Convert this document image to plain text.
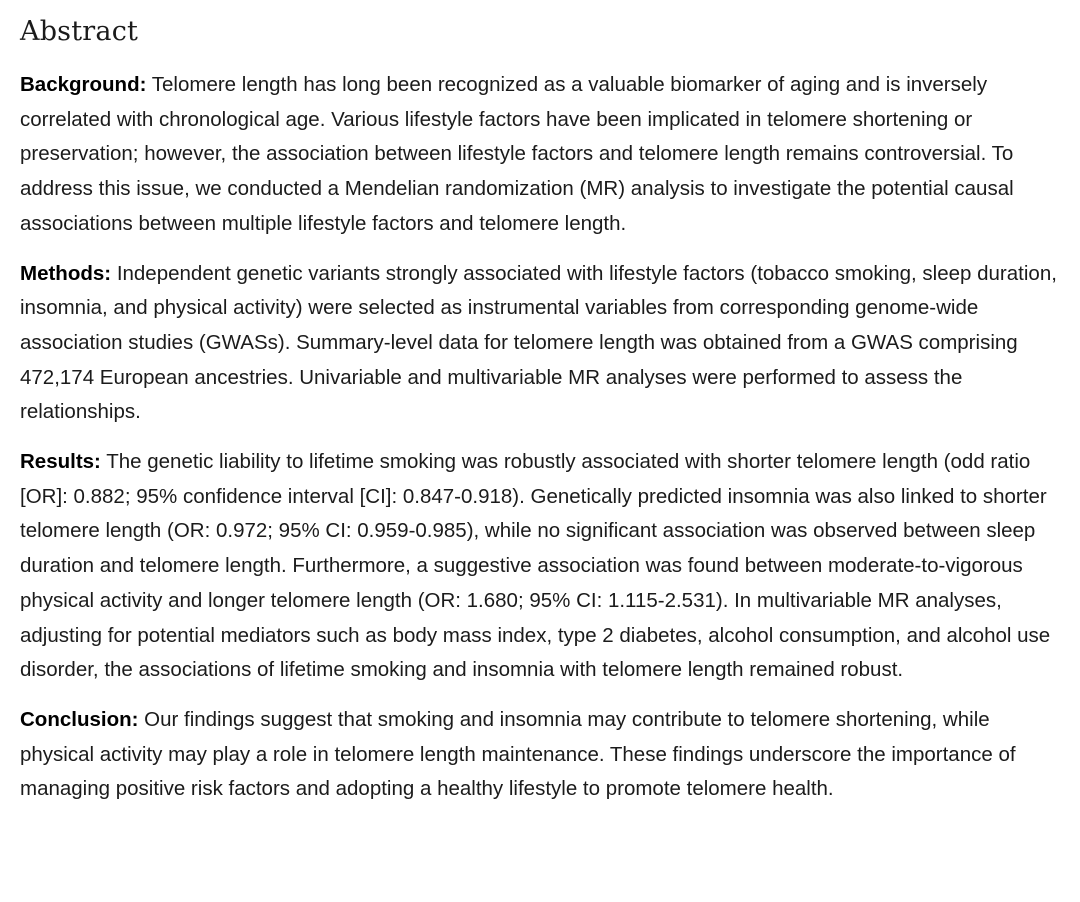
Abstract

Background: Telomere length has long been recognized as a valuable biomarker of aging and is inversely correlated with chronological age. Various lifestyle factors have been implicated in telomere shortening or preservation; however, the association between lifestyle factors and telomere length remains controversial. To address this issue, we conducted a Mendelian randomization (MR) analysis to investigate the potential causal associations between multiple lifestyle factors and telomere length.

Methods: Independent genetic variants strongly associated with lifestyle factors (tobacco smoking, sleep duration, insomnia, and physical activity) were selected as instrumental variables from corresponding genome-wide association studies (GWASs). Summary-level data for telomere length was obtained from a GWAS comprising 472,174 European ancestries. Univariable and multivariable MR analyses were performed to assess the relationships.

Results: The genetic liability to lifetime smoking was robustly associated with shorter telomere length (odd ratio [OR]: 0.882; 95% confidence interval [CI]: 0.847-0.918). Genetically predicted insomnia was also linked to shorter telomere length (OR: 0.972; 95% CI: 0.959-0.985), while no significant association was observed between sleep duration and telomere length. Furthermore, a suggestive association was found between moderate-to-vigorous physical activity and longer telomere length (OR: 1.680; 95% CI: 1.115-2.531). In multivariable MR analyses, adjusting for potential mediators such as body mass index, type 2 diabetes, alcohol consumption, and alcohol use disorder, the associations of lifetime smoking and insomnia with telomere length remained robust.

Conclusion: Our findings suggest that smoking and insomnia may contribute to telomere shortening, while physical activity may play a role in telomere length maintenance. These findings underscore the importance of managing positive risk factors and adopting a healthy lifestyle to promote telomere health.
